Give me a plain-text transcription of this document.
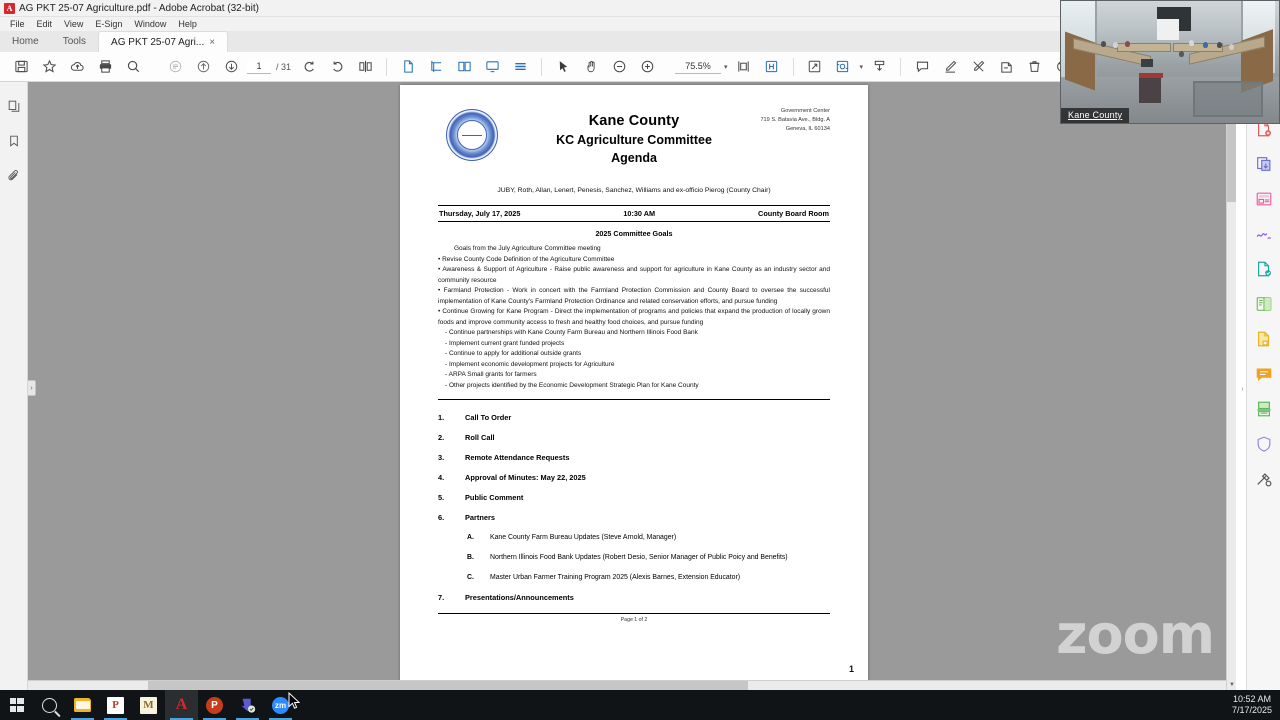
A AG PKT 25-07 Agriculture.pdf - Adobe Acrobat (32-bit)
File	Edit	View	E-Sign	Window	Help
Home Tools	AG PKT 25-07 Agri... ×
1	/ 31	75.5%	▾	▾
Kane County
KC Agriculture Committee
Agenda
Government Center
719 S. Batavia Ave., Bldg. A
Geneva, IL 60134
JUBY, Roth, Allan, Lenert, Penesis, Sanchez, Williams and ex-officio Pierog (County Chair)
Thursday, July 17, 2025	10:30 AM	County Board Room
2025 Committee Goals
Goals from the July Agriculture Committee meeting
• Revise County Code Definition of the Agriculture Committee
• Awareness & Support of Agriculture - Raise public awareness and support for agriculture in Kane County as an industry sector and community resource
• Farmland Protection - Work in concert with the Farmland Protection Commission and County Board to oversee the successful implementation of Kane County’s Farmland Protection Ordinance and related conservation efforts, and pursue funding
• Continue Growing for Kane Program - Direct the implementation of programs and policies that expand the production of locally grown foods and improve community access to fresh and healthy food choices, and pursue funding
- Continue partnerships with Kane County Farm Bureau and Northern Illinois Food Bank
- Implement current grant funded projects
- Continue to apply for additional outside grants
- Implement economic development projects for Agriculture
- ARPA Small grants for farmers
- Other projects identified by the Economic Development Strategic Plan for Kane County
1.	Call To Order
2.	Roll Call
3.	Remote Attendance Requests
4.	Approval of Minutes: May 22, 2025
5.	Public Comment
6.	Partners
A.	Kane County Farm Bureau Updates (Steve Arnold, Manager)
B.	Northern Illinois Food Bank Updates (Robert Desio, Senior Manager of Public Poicy and Benefits)
C.	Master Urban Farmer Training Program 2025 (Alexis Barnes, Extension Educator)
7.	Presentations/Announcements
Page 1 of 2
1
zoom
▼
›	›
Kane County
P	M A	P	zm
10:52 AM
7/17/2025
